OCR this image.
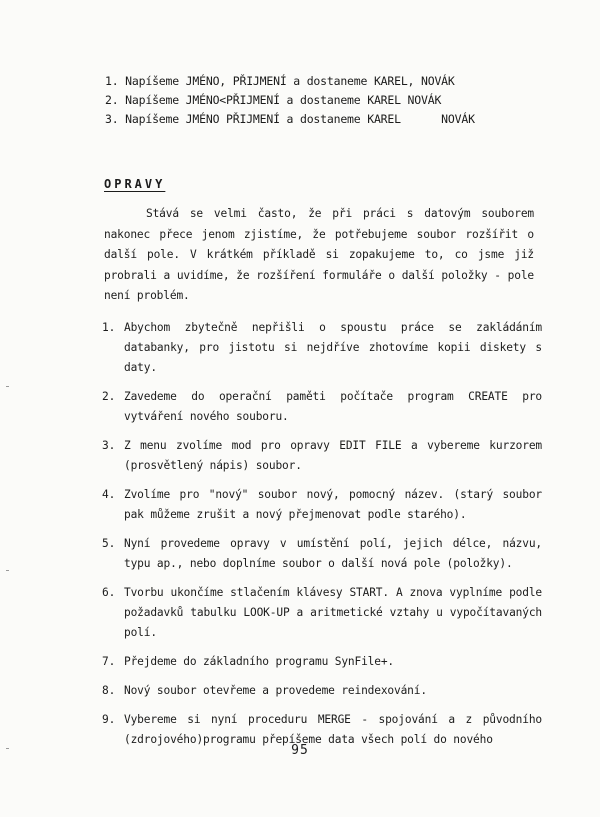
1. Napíšeme JMÉNO, PŘIJMENÍ a dostaneme KAREL, NOVÁK
2. Napíšeme JMÉNO<PŘIJMENÍ a dostaneme KAREL NOVÁK
3. Napíšeme JMÉNO PŘIJMENÍ a dostaneme KAREL      NOVÁK
OPRAVY

Stává se velmi často, že při práci s datovým souborem nakonec přece jenom zjistíme, že potřebujeme soubor rozšířit o další pole. V krátkém příkladě si zopakujeme to, co jsme již probrali a uvidíme, že rozšíření formuláře o další položky - pole není problém.

1. Abychom zbytečně nepřišli o spoustu práce se zakládáním databanky, pro jistotu si nejdříve zhotovíme kopii diskety s daty.
2. Zavedeme do operační paměti počítače program CREATE pro vytváření nového souboru.
3. Z menu zvolíme mod pro opravy EDIT FILE a vybereme kurzorem (prosvětlený nápis) soubor.
4. Zvolíme pro "nový" soubor nový, pomocný název. (starý soubor pak můžeme zrušit a nový přejmenovat podle starého).
5. Nyní provedeme opravy v umístění polí, jejich délce, názvu, typu ap., nebo doplníme soubor o další nová pole (položky).
6. Tvorbu ukončíme stlačením klávesy START. A znova vyplníme podle požadavků tabulku LOOK-UP a aritmetické vztahy u vypočítavaných polí.
7. Přejdeme do základního programu SynFile+.
8. Nový soubor otevřeme a provedeme reindexování.
9. Vybereme si nyní proceduru MERGE - spojování a z původního (zdrojového)programu přepíšeme data všech polí do nového
95
